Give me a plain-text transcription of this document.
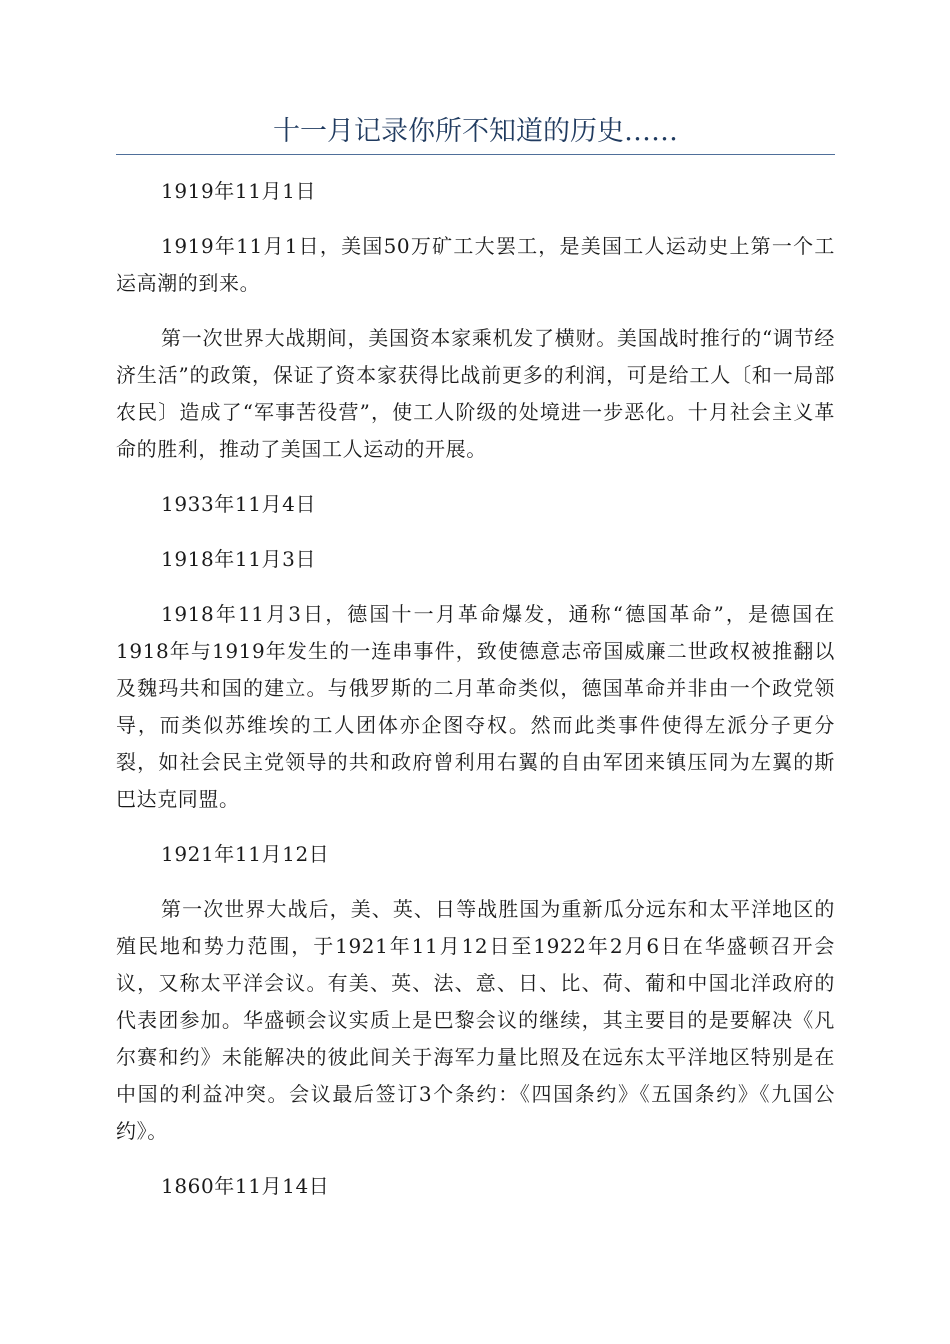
十一月记录你所不知道的历史……

1919年11月1日

1919年11月1日，美国50万矿工大罢工，是美国工人运动史上第一个工运高潮的到来。

第一次世界大战期间，美国资本家乘机发了横财。美国战时推行的“调节经济生活”的政策，保证了资本家获得比战前更多的利润，可是给工人〔和一局部农民〕造成了“军事苦役营”，使工人阶级的处境进一步恶化。十月社会主义革命的胜利，推动了美国工人运动的开展。

1933年11月4日

1918年11月3日

1918年11月3日，德国十一月革命爆发，通称“德国革命”，是德国在1918年与1919年发生的一连串事件，致使德意志帝国威廉二世政权被推翻以及魏玛共和国的建立。与俄罗斯的二月革命类似，德国革命并非由一个政党领导，而类似苏维埃的工人团体亦企图夺权。然而此类事件使得左派分子更分裂，如社会民主党领导的共和政府曾利用右翼的自由军团来镇压同为左翼的斯巴达克同盟。

1921年11月12日

第一次世界大战后，美、英、日等战胜国为重新瓜分远东和太平洋地区的殖民地和势力范围，于1921年11月12日至1922年2月6日在华盛顿召开会议，又称太平洋会议。有美、英、法、意、日、比、荷、葡和中国北洋政府的代表团参加。华盛顿会议实质上是巴黎会议的继续，其主要目的是要解决《凡尔赛和约》未能解决的彼此间关于海军力量比照及在远东太平洋地区特别是在中国的利益冲突。会议最后签订3个条约：《四国条约》《五国条约》《九国公约》。

1860年11月14日
